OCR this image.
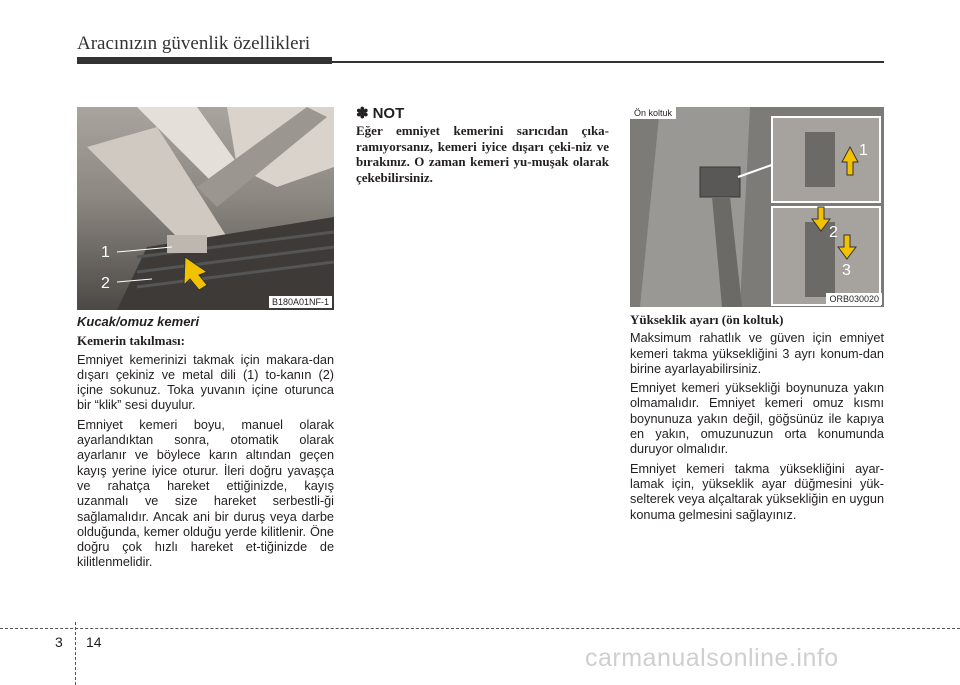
Aracınızın güvenlik özellikleri
1
2
B180A01NF-1
Kucak/omuz kemeri
Kemerin takılması:

Emniyet kemerinizi takmak için makara-dan dışarı çekiniz ve metal dili (1) to-kanın (2) içine sokunuz. Toka yuvanın içine oturunca bir “klik” sesi duyulur.

Emniyet kemeri boyu, manuel olarak ayarlandıktan sonra, otomatik olarak ayarlanır ve böylece karın altından geçen kayış yerine iyice oturur. İleri doğru yavaşça ve rahatça hareket ettiğinizde, kayış uzanmalı ve size hareket serbestli-ği sağlamalıdır. Ancak ani bir duruş veya darbe olduğunda, kemer olduğu yerde kilitlenir. Öne doğru çok hızlı hareket et-tiğinizde de kilitlenmelidir.

✽ NOT
Eğer emniyet kemerini sarıcıdan çıka-ramıyorsanız, kemeri iyice dışarı çeki-niz ve bırakınız. O zaman kemeri yu-muşak olarak çekebilirsiniz.
1
2
3
Ön koltuk
ORB030020
Yükseklik ayarı (ön koltuk)

Maksimum rahatlık ve güven için emniyet kemeri takma yüksekliğini 3 ayrı konum-dan birine ayarlayabilirsiniz.

Emniyet kemeri yüksekliği boynunuza yakın olmamalıdır. Emniyet kemeri omuz kısmı boynunuza yakın değil, göğsünüz ile kapıya en yakın, omuzunuzun orta konumunda duruyor olmalıdır.

Emniyet kemeri takma yüksekliğini ayar-lamak için, yükseklik ayar düğmesini yük-selterek veya alçaltarak yüksekliğin en uygun konuma gelmesini sağlayınız.

3 14
carmanualsonline.info
